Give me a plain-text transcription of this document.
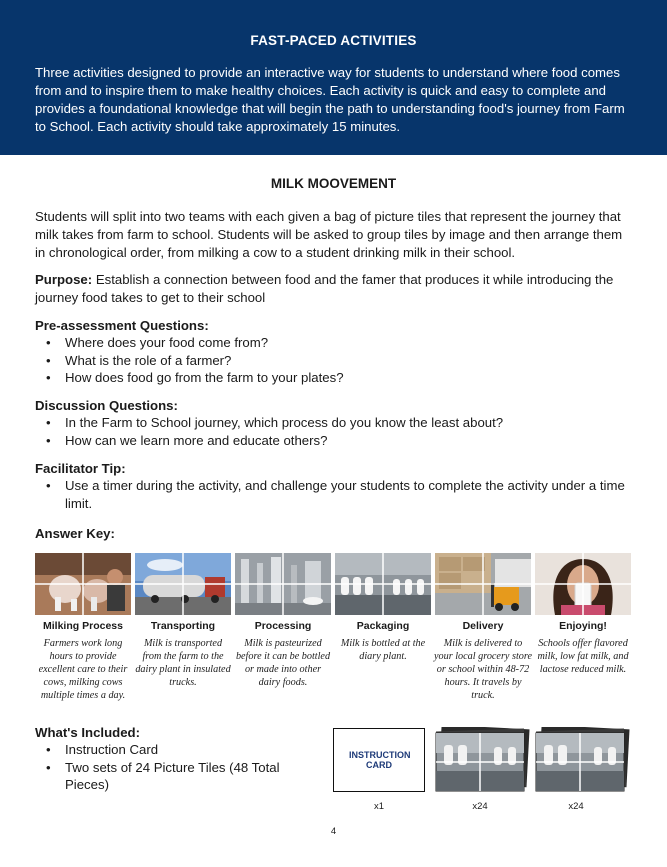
FAST-PACED ACTIVITIES

Three activities designed to provide an interactive way for students to understand where food comes from and to inspire them to make healthy choices. Each activity is quick and easy to complete and provides a foundational knowledge that will begin the path to understanding food's journey from Farm to School. Each activity should take approximately 15 minutes.

MILK MOOVEMENT

Students will split into two teams with each given a bag of picture tiles that represent the journey that milk takes from farm to school. Students will be asked to group tiles by image and then arrange them in chronological order, from milking a cow to a student drinking milk in their school.

Purpose: Establish a connection between food and the famer that produces it while introducing the journey food takes to get to their school

Pre-assessment Questions:

• Where does your food come from?
• What is the role of a farmer?
• How does food go from the farm to your plates?

Discussion Questions:

• In the Farm to School journey, which process do you know the least about?
• How can we learn more and educate others?

Facilitator Tip:

• Use a timer during the activity, and challenge your students to complete the activity under a time limit.

Answer Key:

Milking Process
Farmers work long hours to provide excellent care to their cows, milking cows multiple times a day.
Transporting
Milk is transported from the farm to the dairy plant in insulated trucks.
Processing
Milk is pasteurized before it can be bottled or made into other dairy foods.
Packaging
Milk is bottled at the diary plant.
Delivery
Milk is delivered to your local grocery store or school within 48-72 hours. It travels by truck.
Enjoying!
Schools offer flavored milk, low fat milk, and lactose reduced milk.

What's Included:

• Instruction Card
• Two sets of 24 Picture Tiles (48 Total Pieces)
INSTRUCTION CARD
x1	x24	x24
4
